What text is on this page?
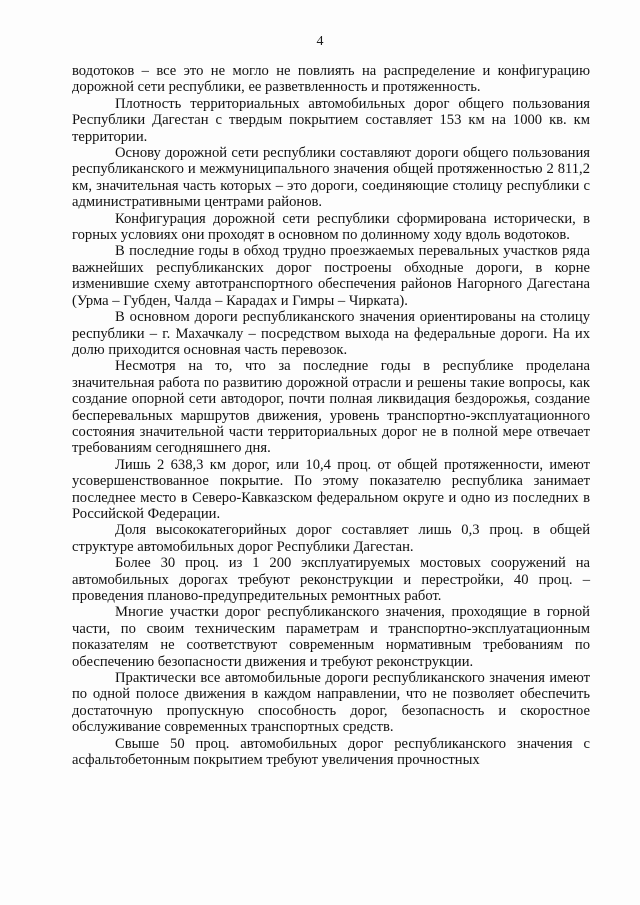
4

водотоков – все это не могло не повлиять на распределение и конфигурацию дорожной сети республики, ее разветвленность и протяженность.

Плотность территориальных автомобильных дорог общего пользования Республики Дагестан с твердым покрытием составляет 153 км на 1000 кв. км территории.

Основу дорожной сети республики составляют дороги общего пользования республиканского и межмуниципального значения общей протяженностью 2 811,2 км, значительная часть которых – это дороги, соединяющие столицу республики с административными центрами районов.

Конфигурация дорожной сети республики сформирована исторически, в горных условиях они проходят в основном по долинному ходу вдоль водотоков.

В последние годы в обход трудно проезжаемых перевальных участков ряда важнейших республиканских дорог построены обходные дороги, в корне изменившие схему автотранспортного обеспечения районов Нагорного Дагестана (Урма – Губден, Чалда – Карадах и Гимры – Чирката).

В основном дороги республиканского значения ориентированы на столицу республики – г. Махачкалу – посредством выхода на федеральные дороги. На их долю приходится основная часть перевозок.

Несмотря на то, что за последние годы в республике проделана значительная работа по развитию дорожной отрасли и решены такие вопросы, как создание опорной сети автодорог, почти полная ликвидация бездорожья, создание бесперевальных маршрутов движения, уровень транспортно-эксплуатационного состояния значительной части территориальных дорог не в полной мере отвечает требованиям сегодняшнего дня.

Лишь 2 638,3 км дорог, или 10,4 проц. от общей протяженности, имеют усовершенствованное покрытие. По этому показателю республика занимает последнее место в Северо-Кавказском федеральном округе и одно из последних в Российской Федерации.

Доля высококатегорийных дорог составляет лишь 0,3 проц. в общей структуре автомобильных дорог Республики Дагестан.

Более 30 проц. из 1 200 эксплуатируемых мостовых сооружений на автомобильных дорогах требуют реконструкции и перестройки, 40 проц. – проведения планово-предупредительных ремонтных работ.

Многие участки дорог республиканского значения, проходящие в горной части, по своим техническим параметрам и транспортно-эксплуатационным показателям не соответствуют современным нормативным требованиям по обеспечению безопасности движения и требуют реконструкции.

Практически все автомобильные дороги республиканского значения имеют по одной полосе движения в каждом направлении, что не позволяет обеспечить достаточную пропускную способность дорог, безопасность и скоростное обслуживание современных транспортных средств.

Свыше 50 проц. автомобильных дорог республиканского значения с асфальтобетонным покрытием требуют увеличения прочностных
